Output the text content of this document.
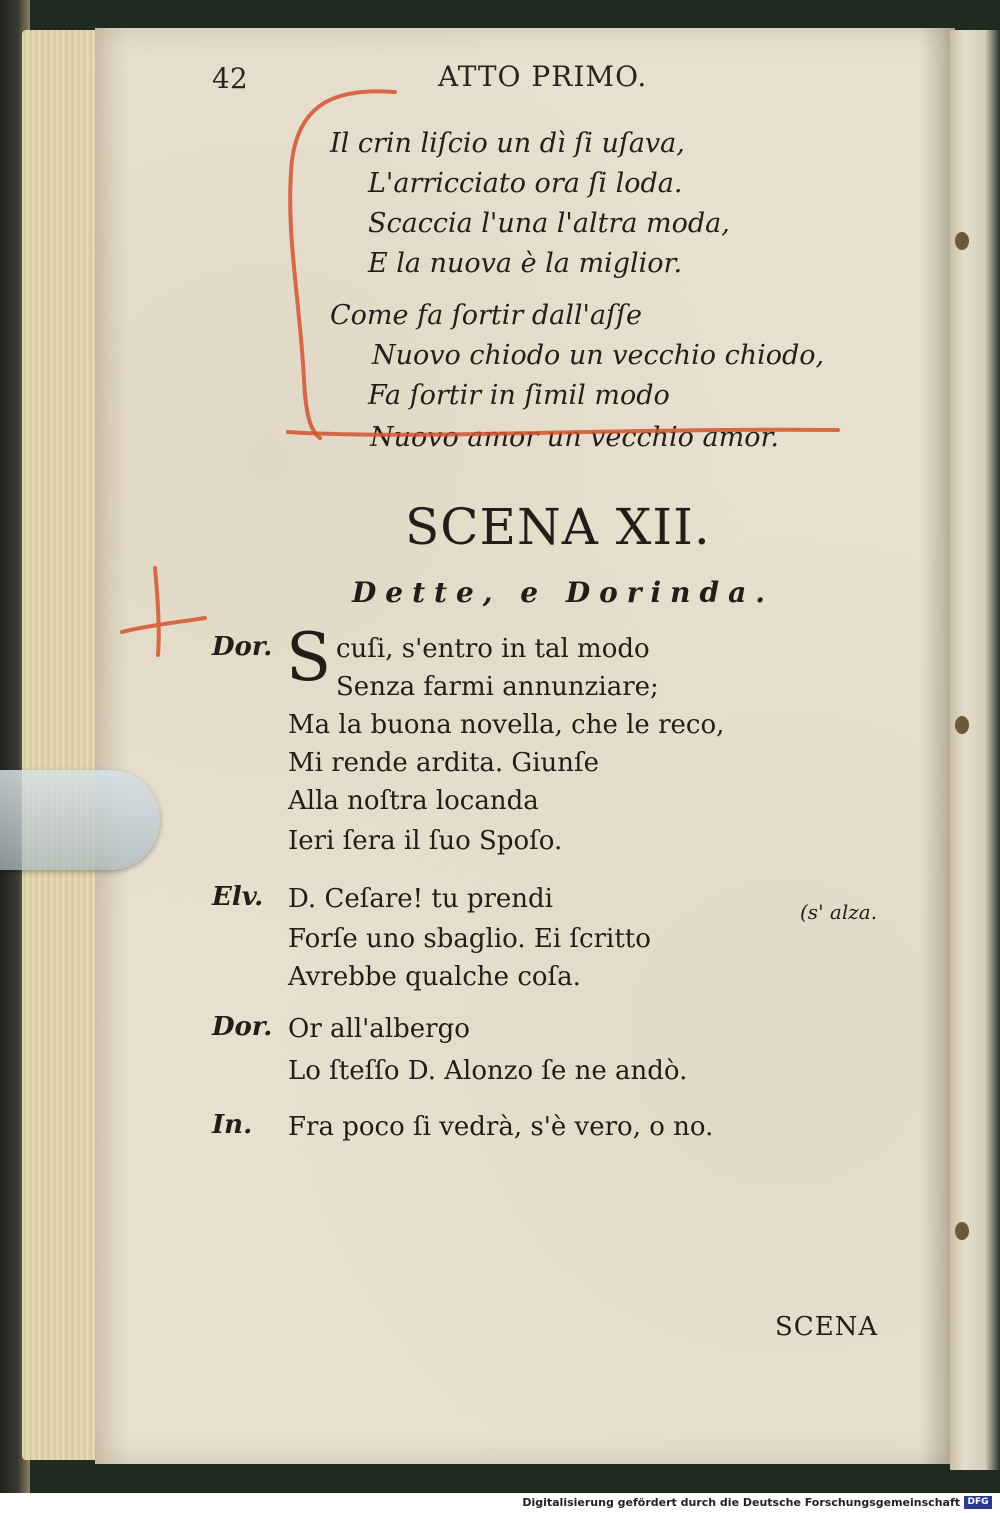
42	ATTO PRIMO.
Il crin liſcio un dì ſi uſava,
L'arricciato ora ſi loda.
Scaccia l'una l'altra moda,
E la nuova è la miglior.
Come fa ſortir dall'aſſe
Nuovo chiodo un vecchio chiodo,
Fa ſortir in ſimil modo
Nuovo amor un vecchio amor.
SCENA XII.
Dette, e Dorinda.
Dor. S cuſi, s'entro in tal modo
Senza farmi annunziare;
Ma la buona novella, che le reco,
Mi rende ardita. Giunſe
Alla noſtra locanda
Ieri ſera il ſuo Spoſo.
Elv. D. Ceſare! tu prendi
Forſe uno sbaglio. Ei ſcritto
Avrebbe qualche coſa.
(s' alza.
Dor. Or all'albergo
Lo ſteſſo D. Alonzo ſe ne andò.
In. Fra poco ſi vedrà, s'è vero, o no.
SCENA
Digitalisierung gefördert durch die Deutsche Forschungsgemeinschaft DFG
